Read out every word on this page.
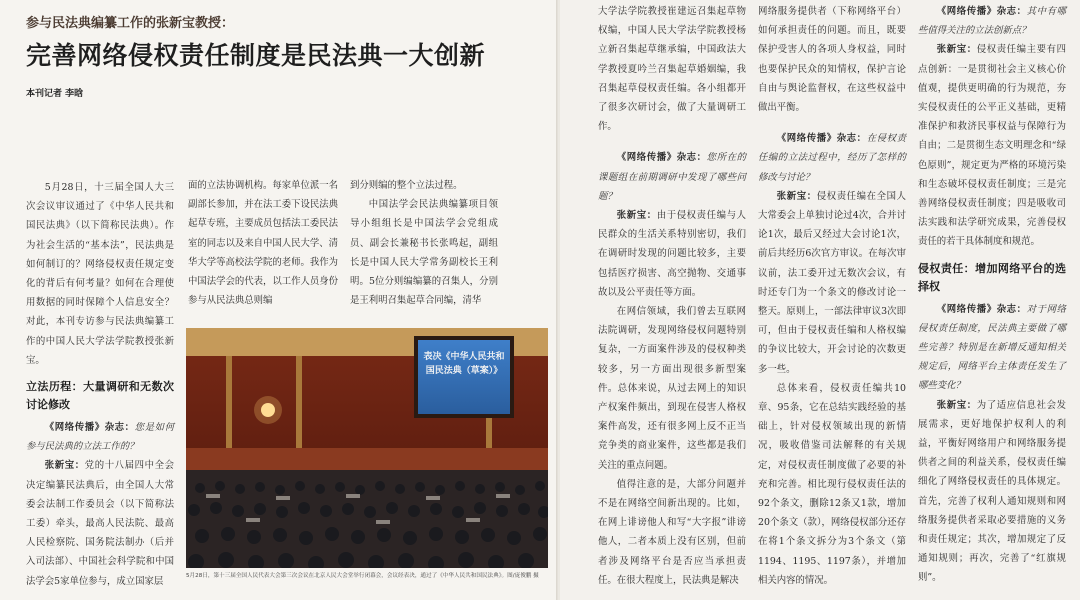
参与民法典编纂工作的张新宝教授：
完善网络侵权责任制度是民法典一大创新
本刊记者 李晗

5月28日，十三届全国人大三次会议审议通过了《中华人民共和国民法典》（以下简称民法典）。作为社会生活的“基本法”，民法典是如何制订的？网络侵权责任规定变化的背后有何考量？如何在合理使用数据的同时保障个人信息安全？对此，本刊专访参与民法典编纂工作的中国人民大学法学院教授张新宝。

立法历程：大量调研和无数次讨论修改

《网络传播》杂志：您是如何参与民法典的立法工作的？

张新宝：党的十八届四中全会决定编纂民法典后，由全国人大常委会法制工作委员会（以下简称法工委）牵头，最高人民法院、最高人民检察院、国务院法制办（后并入司法部）、中国社会科学院和中国法学会5家单位参与，成立国家层

面的立法协调机构。每家单位派一名副部长参加，并在法工委下设民法典起草专班，主要成员包括法工委民法室的同志以及来自中国人民大学、清华大学等高校法学院的老师。我作为中国法学会的代表，以工作人员身份参与从民法典总则编

到分则编的整个立法过程。

中国法学会民法典编纂项目领导小组组长是中国法学会党组成员、副会长兼秘书长张鸣起，副组长是中国人民大学常务副校长王利明。5位分则编编纂的召集人，分别是王利明召集起草合同编，清华

表决《中华人民共和国民法典（草案）》
5月28日，第十三届全国人民代表大会第三次会议在北京人民大会堂举行闭幕会，会议经表决，通过了《中华人民共和国民法典》。图/庞俊鹏 摄

大学法学院教授崔建远召集起草物权编，中国人民大学法学院教授杨立新召集起草继承编，中国政法大学教授夏吟兰召集起草婚姻编，我召集起草侵权责任编。各小组都开了很多次研讨会，做了大量调研工作。

《网络传播》杂志：您所在的课题组在前期调研中发现了哪些问题？

张新宝：由于侵权责任编与人民群众的生活关系特别密切，我们在调研时发现的问题比较多，主要包括医疗损害、高空抛物、交通事故以及公平责任等方面。

在网信领域，我们曾去互联网法院调研，发现网络侵权问题特别复杂，一方面案件涉及的侵权种类较多，另一方面出现很多新型案件。总体来说，从过去网上的知识产权案件频出，到现在侵害人格权案件高发，还有很多网上反不正当竞争类的商业案件，这些都是我们关注的重点问题。

值得注意的是，大部分问题并不是在网络空间新出现的。比如，在网上诽谤他人和写“大字报”诽谤他人，二者本质上没有区别，但前者涉及网络平台是否应当承担责任。在很大程度上，民法典是解决

网络服务提供者（下称网络平台）如何承担责任的问题。而且，既要保护受害人的各项人身权益，同时也要保护民众的知情权，保护言论自由与舆论监督权，在这些权益中做出平衡。

《网络传播》杂志：在侵权责任编的立法过程中，经历了怎样的修改与讨论？

张新宝：侵权责任编在全国人大常委会上单独讨论过4次，合并讨论1次，最后又经过大会讨论1次，前后共经历6次官方审议。在每次审议前，法工委开过无数次会议，有时还专门为一个条文的修改讨论一整天。原则上，一部法律审议3次即可，但由于侵权责任编和人格权编的争议比较大，开会讨论的次数更多一些。

总体来看，侵权责任编共10章、95条，它在总结实践经验的基础上，针对侵权领域出现的新情况，吸收借鉴司法解释的有关规定，对侵权责任制度做了必要的补充和完善。相比现行侵权责任法的92个条文，删除12条又1款，增加20个条文（款），网络侵权部分还存在将1个条文拆分为3个条文（第1194、1195、1197条），并增加相关内容的情况。

《网络传播》杂志：其中有哪些值得关注的立法创新点？

张新宝：侵权责任编主要有四点创新：一是贯彻社会主义核心价值观，提供更明确的行为规范，夯实侵权责任的公平正义基础，更精准保护和救济民事权益与保障行为自由；二是贯彻生态文明理念和“绿色原则”，规定更为严格的环境污染和生态破坏侵权责任制度；三是完善网络侵权责任制度；四是吸收司法实践和法学研究成果，完善侵权责任的若干具体制度和规范。

侵权责任：增加网络平台的选择权

《网络传播》杂志：对于网络侵权责任制度，民法典主要做了哪些完善？特别是在新增反通知相关规定后，网络平台主体责任发生了哪些变化？

张新宝：为了适应信息社会发展需求，更好地保护权利人的利益，平衡好网络用户和网络服务提供者之间的利益关系，侵权责任编细化了网络侵权责任的具体规定。首先，完善了权利人通知规则和网络服务提供者采取必要措施的义务和责任规定；其次，增加规定了反通知规则；再次，完善了“红旗规则”。
